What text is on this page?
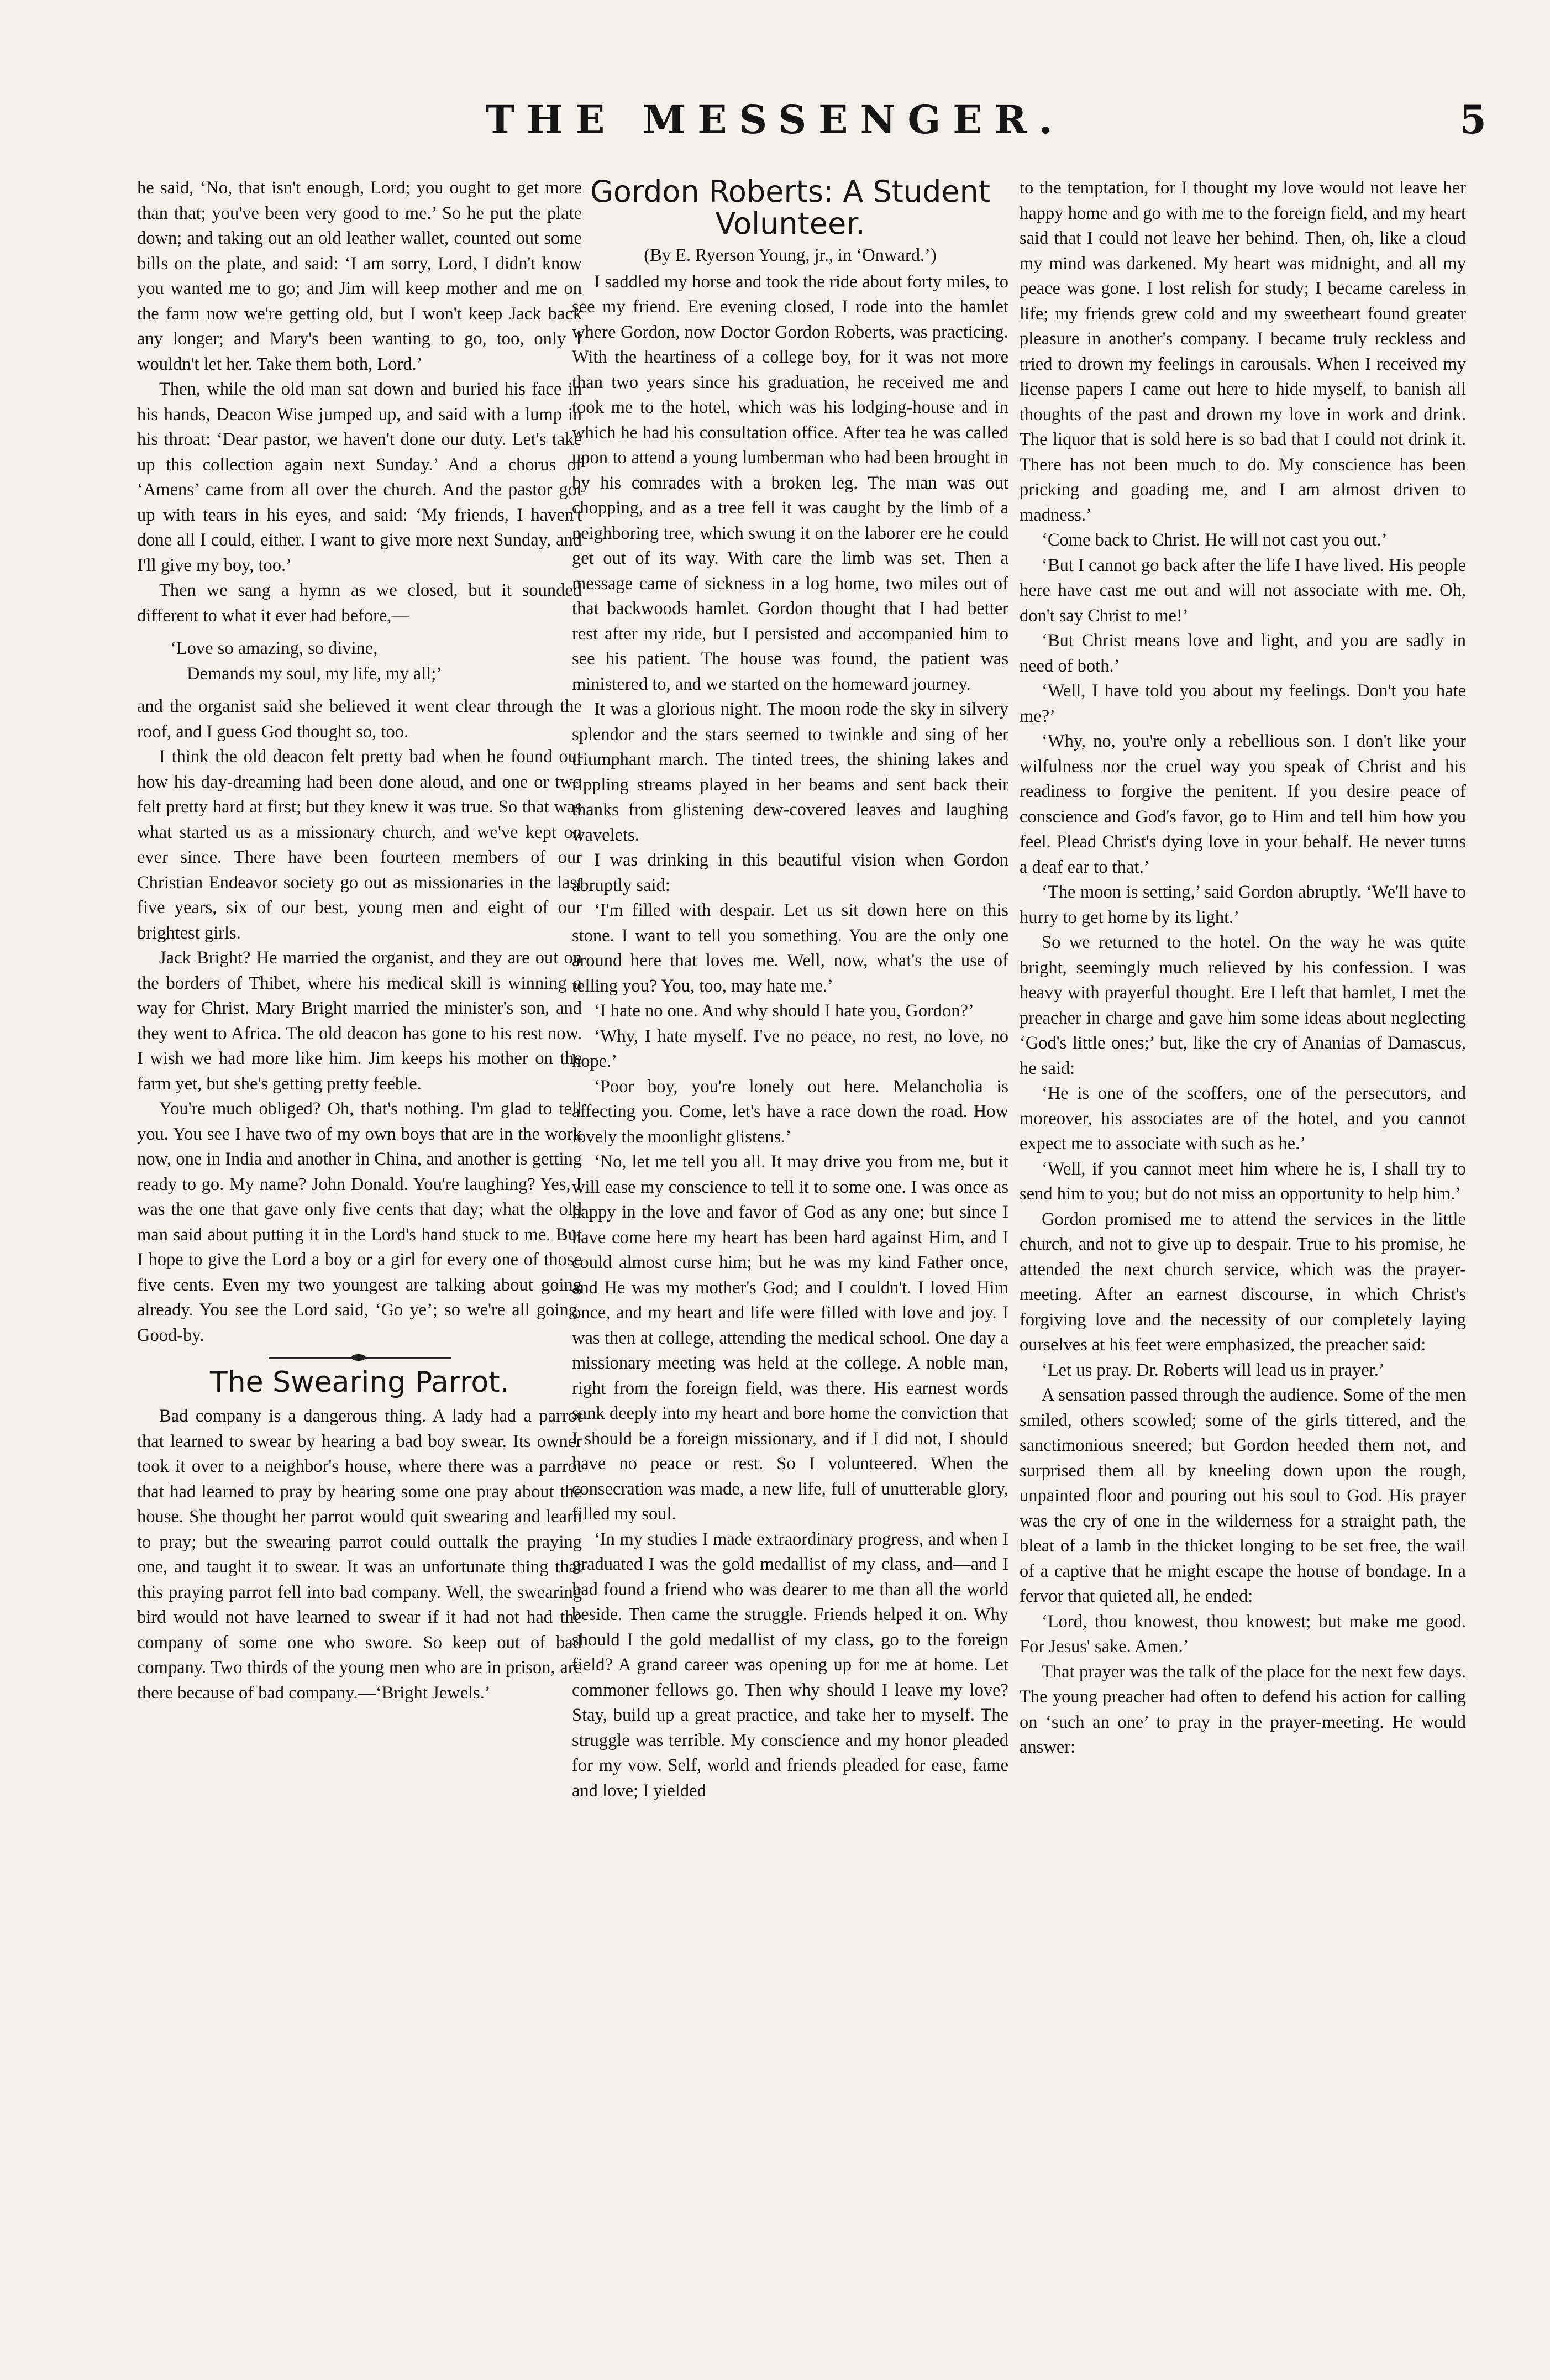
THE MESSENGER.	5

he said, ‘No, that isn't enough, Lord; you ought to get more than that; you've been very good to me.’ So he put the plate down; and taking out an old leather wallet, counted out some bills on the plate, and said: ‘I am sorry, Lord, I didn't know you wanted me to go; and Jim will keep mother and me on the farm now we're getting old, but I won't keep Jack back any longer; and Mary's been wanting to go, too, only I wouldn't let her. Take them both, Lord.’

Then, while the old man sat down and buried his face in his hands, Deacon Wise jumped up, and said with a lump in his throat: ‘Dear pastor, we haven't done our duty. Let's take up this collection again next Sunday.’ And a chorus of ‘Amens’ came from all over the church. And the pastor got up with tears in his eyes, and said: ‘My friends, I haven't done all I could, either. I want to give more next Sunday, and I'll give my boy, too.’

Then we sang a hymn as we closed, but it sounded different to what it ever had before,—

‘Love so amazing, so divine,

Demands my soul, my life, my all;’

and the organist said she believed it went clear through the roof, and I guess God thought so, too.

I think the old deacon felt pretty bad when he found out how his day-dreaming had been done aloud, and one or two felt pretty hard at first; but they knew it was true. So that was what started us as a missionary church, and we've kept on ever since. There have been fourteen members of our Christian Endeavor society go out as missionaries in the last five years, six of our best, young men and eight of our brightest girls.

Jack Bright? He married the organist, and they are out on the borders of Thibet, where his medical skill is winning a way for Christ. Mary Bright married the minister's son, and they went to Africa. The old deacon has gone to his rest now. I wish we had more like him. Jim keeps his mother on the farm yet, but she's getting pretty feeble.

You're much obliged? Oh, that's nothing. I'm glad to tell you. You see I have two of my own boys that are in the work now, one in India and another in China, and another is getting ready to go. My name? John Donald. You're laughing? Yes, I was the one that gave only five cents that day; what the old man said about putting it in the Lord's hand stuck to me. But I hope to give the Lord a boy or a girl for every one of those five cents. Even my two youngest are talking about going already. You see the Lord said, ‘Go ye’; so we're all going. Good-by.

The Swearing Parrot.

Bad company is a dangerous thing. A lady had a parrot that learned to swear by hearing a bad boy swear. Its owner took it over to a neighbor's house, where there was a parrot that had learned to pray by hearing some one pray about the house. She thought her parrot would quit swearing and learn to pray; but the swearing parrot could outtalk the praying one, and taught it to swear. It was an unfortunate thing that this praying parrot fell into bad company. Well, the swearing bird would not have learned to swear if it had not had the company of some one who swore. So keep out of bad company. Two thirds of the young men who are in prison, are there because of bad company.—‘Bright Jewels.’

Gordon Roberts: A Student Volunteer.

(By E. Ryerson Young, jr., in ‘Onward.’)

I saddled my horse and took the ride about forty miles, to see my friend. Ere evening closed, I rode into the hamlet where Gordon, now Doctor Gordon Roberts, was practicing. With the heartiness of a college boy, for it was not more than two years since his graduation, he received me and took me to the hotel, which was his lodging-house and in which he had his consultation office. After tea he was called upon to attend a young lumberman who had been brought in by his comrades with a broken leg. The man was out chopping, and as a tree fell it was caught by the limb of a neighboring tree, which swung it on the laborer ere he could get out of its way. With care the limb was set. Then a message came of sickness in a log home, two miles out of that backwoods hamlet. Gordon thought that I had better rest after my ride, but I persisted and accompanied him to see his patient. The house was found, the patient was ministered to, and we started on the homeward journey.

It was a glorious night. The moon rode the sky in silvery splendor and the stars seemed to twinkle and sing of her triumphant march. The tinted trees, the shining lakes and rippling streams played in her beams and sent back their thanks from glistening dew-covered leaves and laughing wavelets.

I was drinking in this beautiful vision when Gordon abruptly said:

‘I'm filled with despair. Let us sit down here on this stone. I want to tell you something. You are the only one around here that loves me. Well, now, what's the use of telling you? You, too, may hate me.’

‘I hate no one. And why should I hate you, Gordon?’

‘Why, I hate myself. I've no peace, no rest, no love, no hope.’

‘Poor boy, you're lonely out here. Melancholia is affecting you. Come, let's have a race down the road. How lovely the moonlight glistens.’

‘No, let me tell you all. It may drive you from me, but it will ease my conscience to tell it to some one. I was once as happy in the love and favor of God as any one; but since I have come here my heart has been hard against Him, and I could almost curse him; but he was my kind Father once, and He was my mother's God; and I couldn't. I loved Him once, and my heart and life were filled with love and joy. I was then at college, attending the medical school. One day a missionary meeting was held at the college. A noble man, right from the foreign field, was there. His earnest words sank deeply into my heart and bore home the conviction that I should be a foreign missionary, and if I did not, I should have no peace or rest. So I volunteered. When the consecration was made, a new life, full of unutterable glory, filled my soul.

‘In my studies I made extraordinary progress, and when I graduated I was the gold medallist of my class, and—and I had found a friend who was dearer to me than all the world beside. Then came the struggle. Friends helped it on. Why should I the gold medallist of my class, go to the foreign field? A grand career was opening up for me at home. Let commoner fellows go. Then why should I leave my love? Stay, build up a great practice, and take her to myself. The struggle was terrible. My conscience and my honor pleaded for my vow. Self, world and friends pleaded for ease, fame and love; I yielded

to the temptation, for I thought my love would not leave her happy home and go with me to the foreign field, and my heart said that I could not leave her behind. Then, oh, like a cloud my mind was darkened. My heart was midnight, and all my peace was gone. I lost relish for study; I became careless in life; my friends grew cold and my sweetheart found greater pleasure in another's company. I became truly reckless and tried to drown my feelings in carousals. When I received my license papers I came out here to hide myself, to banish all thoughts of the past and drown my love in work and drink. The liquor that is sold here is so bad that I could not drink it. There has not been much to do. My conscience has been pricking and goading me, and I am almost driven to madness.’

‘Come back to Christ. He will not cast you out.’

‘But I cannot go back after the life I have lived. His people here have cast me out and will not associate with me. Oh, don't say Christ to me!’

‘But Christ means love and light, and you are sadly in need of both.’

‘Well, I have told you about my feelings. Don't you hate me?’

‘Why, no, you're only a rebellious son. I don't like your wilfulness nor the cruel way you speak of Christ and his readiness to forgive the penitent. If you desire peace of conscience and God's favor, go to Him and tell him how you feel. Plead Christ's dying love in your behalf. He never turns a deaf ear to that.’

‘The moon is setting,’ said Gordon abruptly. ‘We'll have to hurry to get home by its light.’

So we returned to the hotel. On the way he was quite bright, seemingly much relieved by his confession. I was heavy with prayerful thought. Ere I left that hamlet, I met the preacher in charge and gave him some ideas about neglecting ‘God's little ones;’ but, like the cry of Ananias of Damascus, he said:

‘He is one of the scoffers, one of the persecutors, and moreover, his associates are of the hotel, and you cannot expect me to associate with such as he.’

‘Well, if you cannot meet him where he is, I shall try to send him to you; but do not miss an opportunity to help him.’

Gordon promised me to attend the services in the little church, and not to give up to despair. True to his promise, he attended the next church service, which was the prayer-meeting. After an earnest discourse, in which Christ's forgiving love and the necessity of our completely laying ourselves at his feet were emphasized, the preacher said:

‘Let us pray. Dr. Roberts will lead us in prayer.’

A sensation passed through the audience. Some of the men smiled, others scowled; some of the girls tittered, and the sanctimonious sneered; but Gordon heeded them not, and surprised them all by kneeling down upon the rough, unpainted floor and pouring out his soul to God. His prayer was the cry of one in the wilderness for a straight path, the bleat of a lamb in the thicket longing to be set free, the wail of a captive that he might escape the house of bondage. In a fervor that quieted all, he ended:

‘Lord, thou knowest, thou knowest; but make me good. For Jesus' sake. Amen.’

That prayer was the talk of the place for the next few days. The young preacher had often to defend his action for calling on ‘such an one’ to pray in the prayer-meeting. He would answer:
